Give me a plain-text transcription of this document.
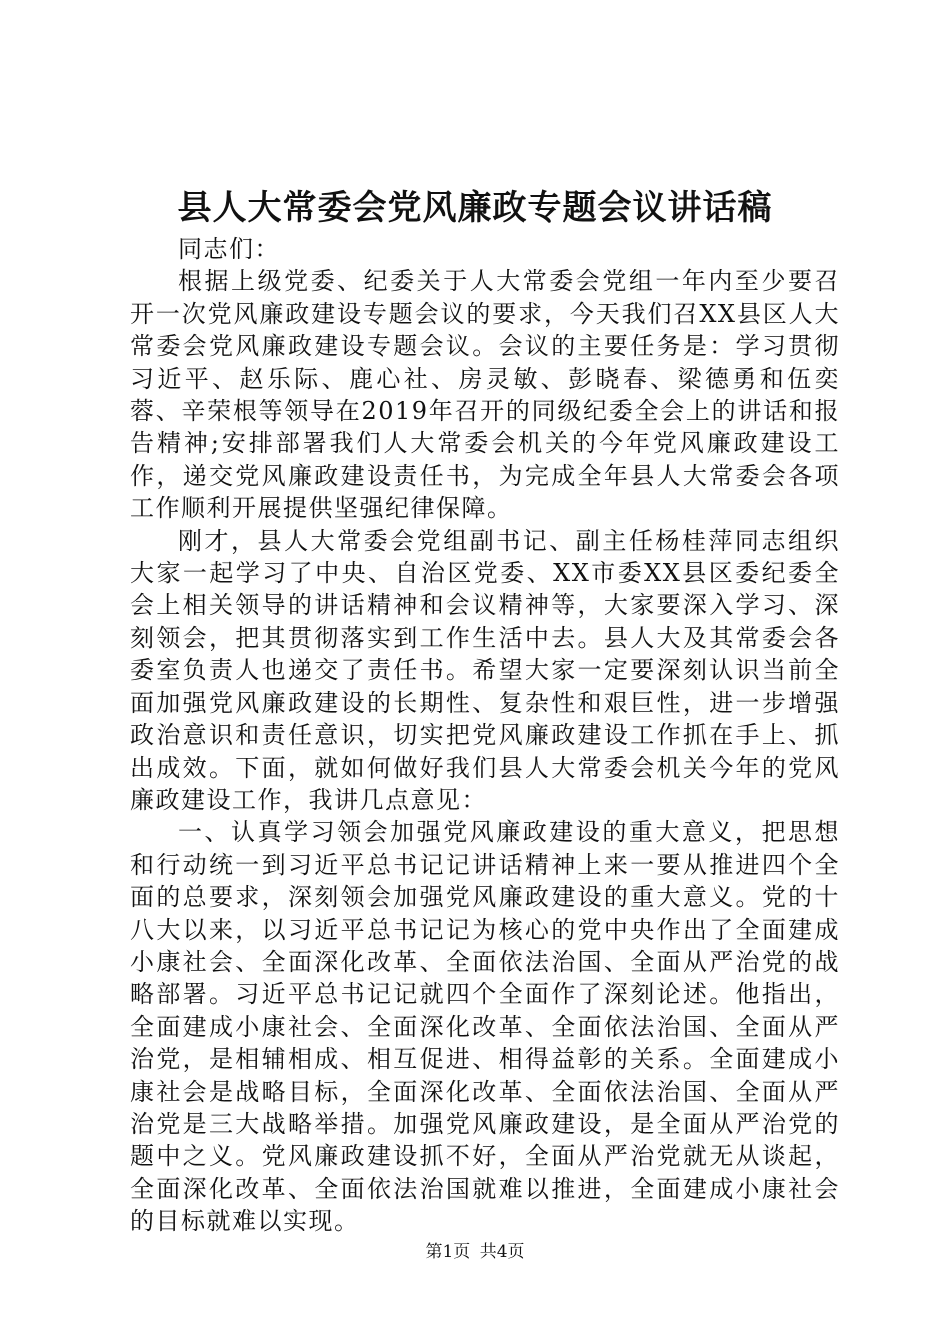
县人大常委会党风廉政专题会议讲话稿

同志们：

根据上级党委、纪委关于人大常委会党组一年内至少要召开一次党风廉政建设专题会议的要求，今天我们召XX县区人大常委会党风廉政建设专题会议。会议的主要任务是：学习贯彻习近平、赵乐际、鹿心社、房灵敏、彭晓春、梁德勇和伍奕蓉、辛荣根等领导在2019年召开的同级纪委全会上的讲话和报告精神;安排部署我们人大常委会机关的今年党风廉政建设工作，递交党风廉政建设责任书，为完成全年县人大常委会各项工作顺利开展提供坚强纪律保障。

刚才，县人大常委会党组副书记、副主任杨桂萍同志组织大家一起学习了中央、自治区党委、XX市委XX县区委纪委全会上相关领导的讲话精神和会议精神等，大家要深入学习、深刻领会，把其贯彻落实到工作生活中去。县人大及其常委会各委室负责人也递交了责任书。希望大家一定要深刻认识当前全面加强党风廉政建设的长期性、复杂性和艰巨性，进一步增强政治意识和责任意识，切实把党风廉政建设工作抓在手上、抓出成效。下面，就如何做好我们县人大常委会机关今年的党风廉政建设工作，我讲几点意见：

一、认真学习领会加强党风廉政建设的重大意义，把思想和行动统一到习近平总书记记讲话精神上来一要从推进四个全面的总要求，深刻领会加强党风廉政建设的重大意义。党的十八大以来，以习近平总书记记为核心的党中央作出了全面建成小康社会、全面深化改革、全面依法治国、全面从严治党的战略部署。习近平总书记记就四个全面作了深刻论述。他指出，全面建成小康社会、全面深化改革、全面依法治国、全面从严治党，是相辅相成、相互促进、相得益彰的关系。全面建成小康社会是战略目标，全面深化改革、全面依法治国、全面从严治党是三大战略举措。加强党风廉政建设，是全面从严治党的题中之义。党风廉政建设抓不好，全面从严治党就无从谈起，全面深化改革、全面依法治国就难以推进，全面建成小康社会的目标就难以实现。

第1页 共4页
